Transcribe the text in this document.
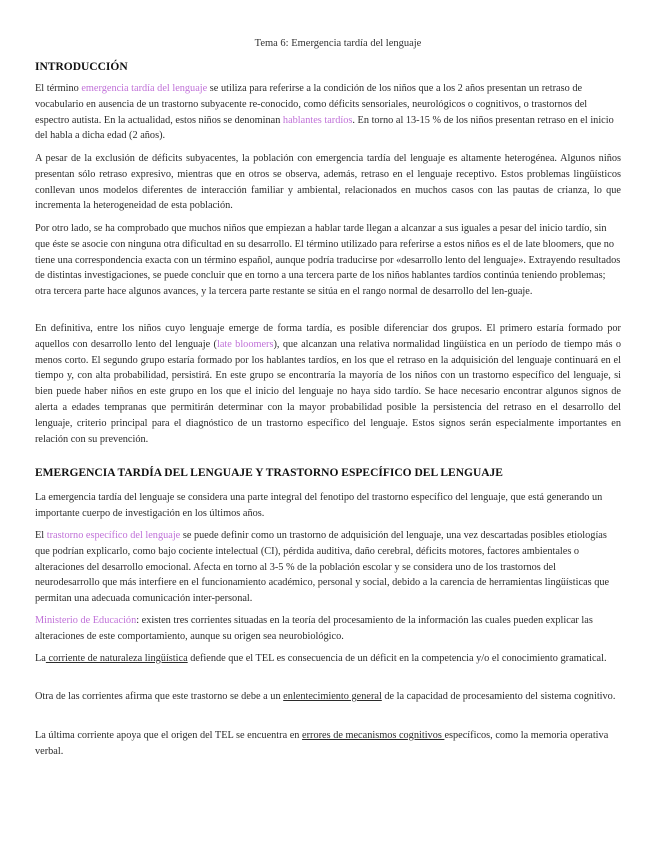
Tema 6: Emergencia tardía del lenguaje
INTRODUCCIÓN

El término emergencia tardía del lenguaje se utiliza para referirse a la condición de los niños que a los 2 años presentan un retraso de vocabulario en ausencia de un trastorno subyacente re-conocido, como déficits sensoriales, neurológicos o cognitivos, o trastornos del espectro autista. En la actualidad, estos niños se denominan hablantes tardíos. En torno al 13-15 % de los niños presentan retraso en el inicio del habla a dicha edad (2 años).

A pesar de la exclusión de déficits subyacentes, la población con emergencia tardía del lenguaje es altamente heterogénea. Algunos niños presentan sólo retraso expresivo, mientras que en otros se observa, además, retraso en el lenguaje receptivo. Estos problemas lingüísticos conllevan unos modelos diferentes de interacción familiar y ambiental, relacionados en muchos casos con las pautas de crianza, lo que incrementa la heterogeneidad de esta población.

Por otro lado, se ha comprobado que muchos niños que empiezan a hablar tarde llegan a alcanzar a sus iguales a pesar del inicio tardío, sin que éste se asocie con ninguna otra dificultad en su desarrollo. El término utilizado para referirse a estos niños es el de late bloomers, que no tiene una correspondencia exacta con un término español, aunque podría traducirse por «desarrollo lento del lenguaje». Extrayendo resultados de distintas investigaciones, se puede concluir que en torno a una tercera parte de los niños hablantes tardíos continúa teniendo problemas; otra tercera parte hace algunos avances, y la tercera parte restante se sitúa en el rango normal de desarrollo del len-guaje.

En definitiva, entre los niños cuyo lenguaje emerge de forma tardía, es posible diferenciar dos grupos. El primero estaría formado por aquellos con desarrollo lento del lenguaje (late bloomers), que alcanzan una relativa normalidad lingüística en un período de tiempo más o menos corto. El segundo grupo estaría formado por los hablantes tardíos, en los que el retraso en la adquisición del lenguaje continuará en el tiempo y, con alta probabilidad, persistirá. En este grupo se encontraría la mayoría de los niños con un trastorno específico del lenguaje, si bien puede haber niños en este grupo en los que el inicio del lenguaje no haya sido tardío. Se hace necesario encontrar algunos signos de alerta a edades tempranas que permitirán determinar con la mayor probabilidad posible la persistencia del retraso en el desarrollo del lenguaje, criterio principal para el diagnóstico de un trastorno específico del lenguaje. Estos signos serán especialmente importantes en relación con su prevención.

EMERGENCIA TARDÍA DEL LENGUAJE Y TRASTORNO ESPECÍFICO DEL LENGUAJE

La emergencia tardía del lenguaje se considera una parte integral del fenotipo del trastorno específico del lenguaje, que está generando un importante cuerpo de investigación en los últimos años.

El trastorno específico del lenguaje se puede definir como un trastorno de adquisición del lenguaje, una vez descartadas posibles etiologías que podrían explicarlo, como bajo cociente intelectual (CI), pérdida auditiva, daño cerebral, déficits motores, factores ambientales o alteraciones del desarrollo emocional. Afecta en torno al 3-5 % de la población escolar y se considera uno de los trastornos del neurodesarrollo que más interfiere en el funcionamiento académico, personal y social, debido a la carencia de herramientas lingüísticas que permitan una adecuada comunicación inter-personal.

Ministerio de Educación: existen tres corrientes situadas en la teoría del procesamiento de la información las cuales pueden explicar las alteraciones de este comportamiento, aunque su origen sea neurobiológico.

La corriente de naturaleza lingüística defiende que el TEL es consecuencia de un déficit en la competencia y/o el conocimiento gramatical.

Otra de las corrientes afirma que este trastorno se debe a un enlentecimiento general de la capacidad de procesamiento del sistema cognitivo.

La última corriente apoya que el origen del TEL se encuentra en errores de mecanismos cognitivos específicos, como la memoria operativa verbal.
